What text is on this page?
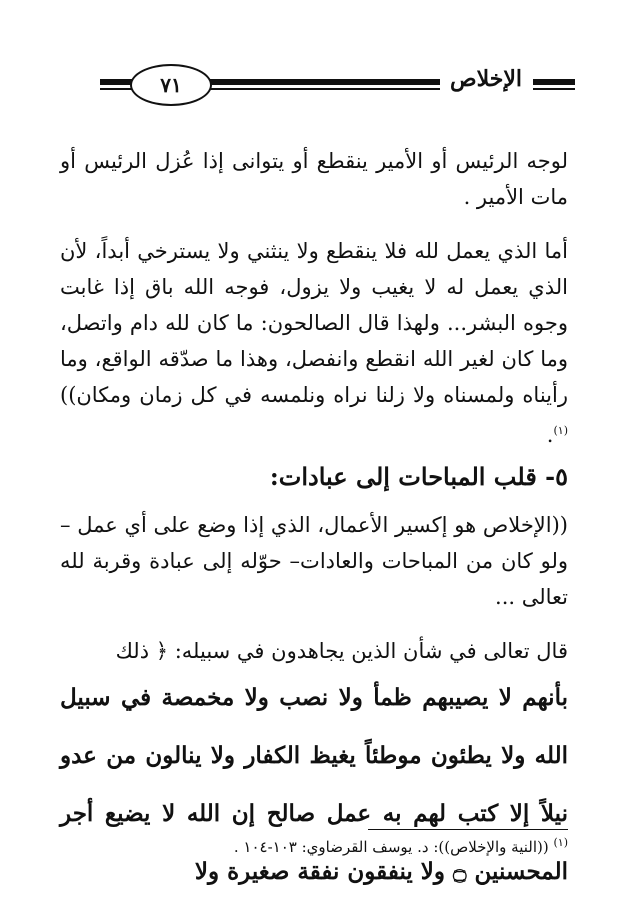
٧١	الإخلاص

لوجه الرئيس أو الأمير ينقطع أو يتوانى إذا عُزل الرئيس أو مات الأمير .

أما الذي يعمل لله فلا ينقطع ولا ينثني ولا يسترخي أبداً، لأن الذي يعمل له لا يغيب ولا يزول، فوجه الله باق إذا غابت وجوه البشر... ولهذا قال الصالحون: ما كان لله دام واتصل، وما كان لغير الله انقطع وانفصل، وهذا ما صدّقه الواقع، وما رأيناه ولمسناه ولا زلنا نراه ونلمسه في كل زمان ومكان)) $^{(١)}$.

٥- قلب المباحات إلى عبادات:

((الإخلاص هو إكسير الأعمال، الذي إذا وضع على أي عمل –ولو كان من المباحات والعادات– حوّله إلى عبادة وقربة لله تعالى ...

قال تعالى في شأن الذين يجاهدون في سبيله: ﴿ ذلك

بأنهم لا يصيبهم ظمأ ولا نصب ولا مخمصة في سبيل الله ولا يطئون موطئاً يغيظ الكفار ولا ينالون من عدو نيلاً إلا كتب لهم به عمل صالح إن الله لا يضيع أجر المحسنين ۝ ولا ينفقون نفقة صغيرة ولا

$^{(١)}$ ((النية والإخلاص)): د. يوسف القرضاوي: ١٠٣-١٠٤ .
